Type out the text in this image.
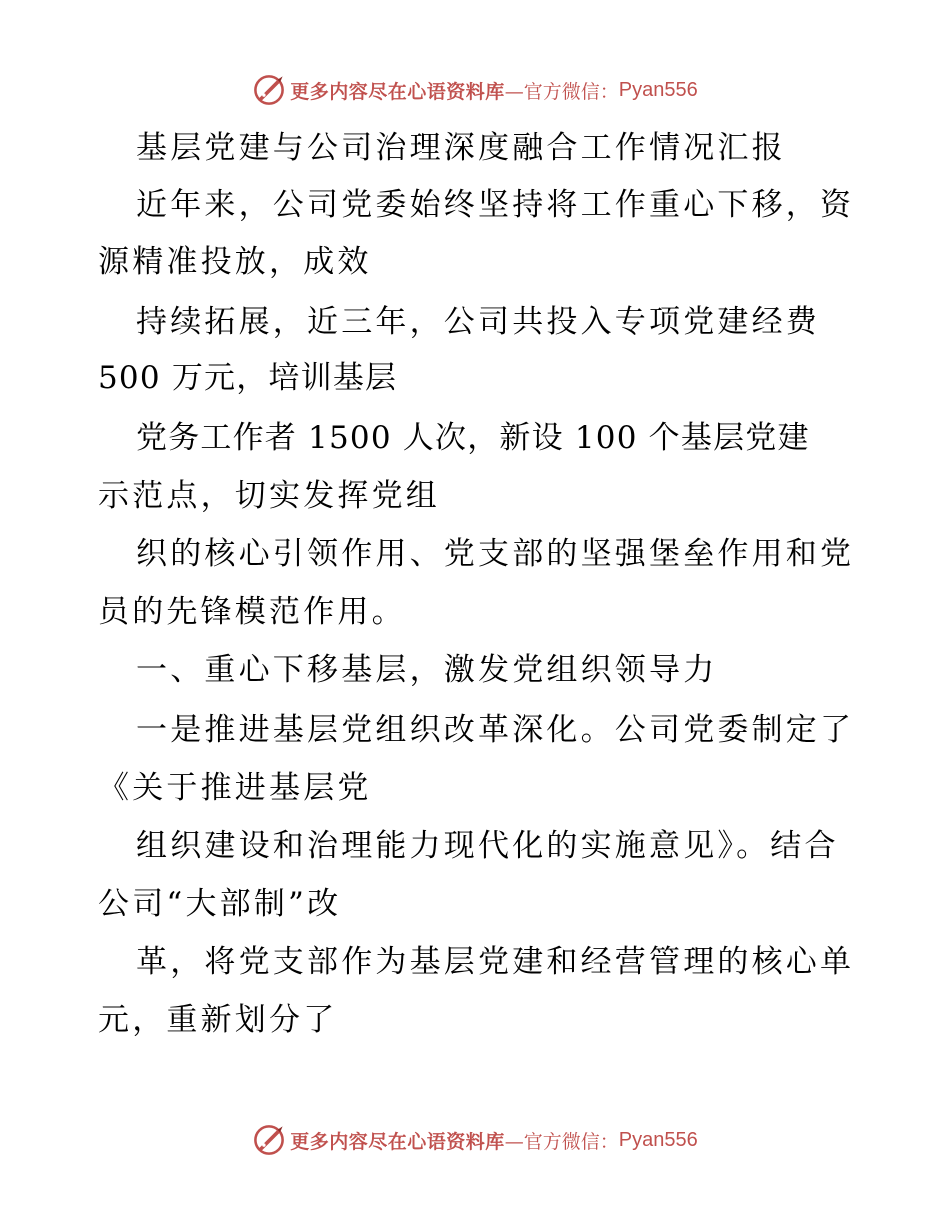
更多内容尽在心语资料库 —官方微信： Pyan556
基层党建与公司治理深度融合工作情况汇报
近年来，公司党委始终坚持将工作重心下移，资
源精准投放，成效
持续拓展，近三年，公司共投入专项党建经费
500 万元，培训基层
党务工作者 1500 人次，新设 100 个基层党建
示范点，切实发挥党组
织的核心引领作用、党支部的坚强堡垒作用和党
员的先锋模范作用。
一、重心下移基层，激发党组织领导力
一是推进基层党组织改革深化。公司党委制定了
《关于推进基层党
组织建设和治理能力现代化的实施意见》。结合
公司“大部制”改
革，将党支部作为基层党建和经营管理的核心单
元，重新划分了
更多内容尽在心语资料库 —官方微信： Pyan556
